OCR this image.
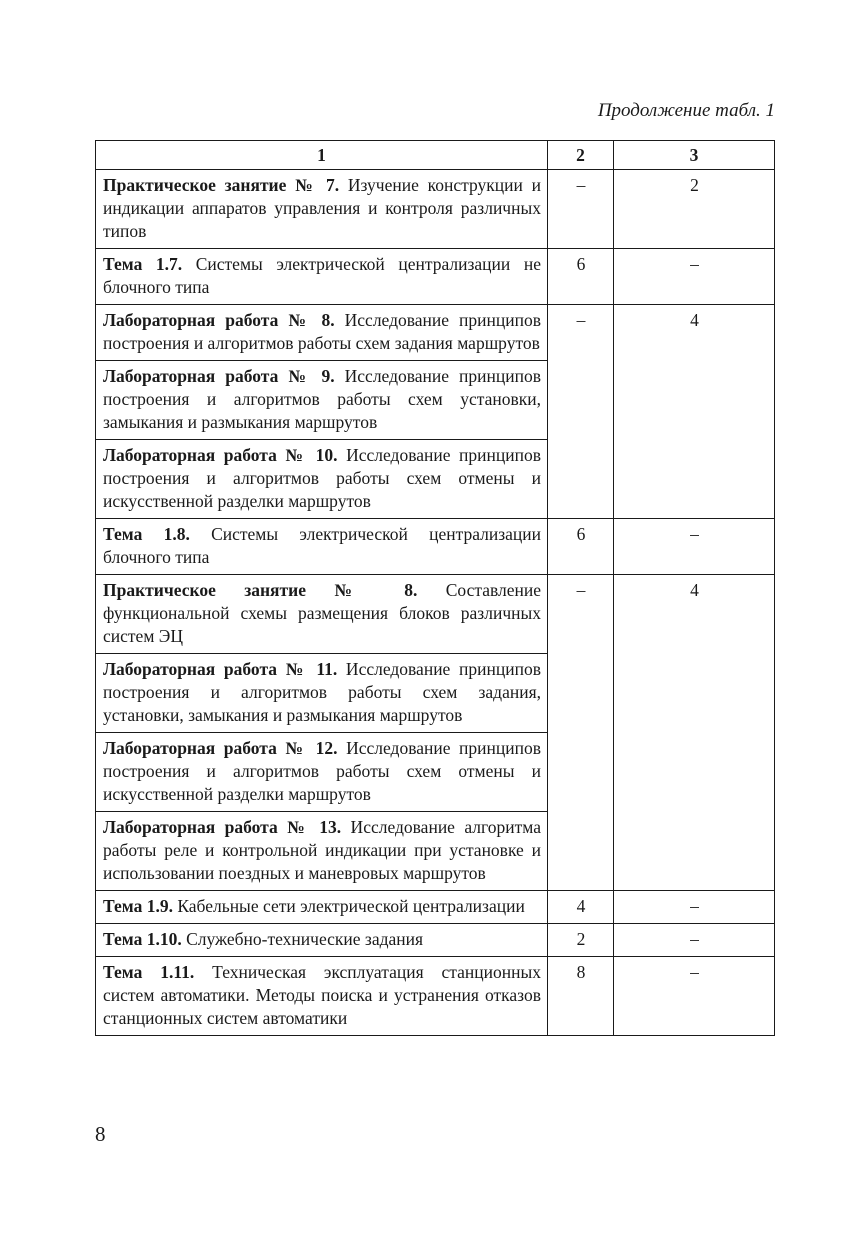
Продолжение табл. 1
1	2	3
Практическое занятие № 7. Изучение конструкции и индикации аппаратов управления и контроля различных типов	–	2
Тема 1.7. Системы электрической централизации не блочного типа	6	–
Лабораторная работа № 8. Исследование принципов построения и алгоритмов работы схем задания маршрутов	–	4
Лабораторная работа № 9. Исследование принципов построения и алгоритмов работы схем установки, замыкания и размыкания маршрутов		
Лабораторная работа № 10. Исследование принципов построения и алгоритмов работы схем отмены и искусственной разделки маршрутов		
Тема 1.8. Системы электрической централизации блочного типа	6	–
Практическое занятие № 8. Составление функциональной схемы размещения блоков различных систем ЭЦ	–	4
Лабораторная работа № 11. Исследование принципов построения и алгоритмов работы схем задания, установки, замыкания и размыкания маршрутов		
Лабораторная работа № 12. Исследование принципов построения и алгоритмов работы схем отмены и искусственной разделки маршрутов		
Лабораторная работа № 13. Исследование алгоритма работы реле и контрольной индикации при установке и использовании поездных и маневровых маршрутов		
Тема 1.9. Кабельные сети электрической централизации	4	–
Тема 1.10. Служебно-технические задания	2	–
Тема 1.11. Техническая эксплуатация станционных систем автоматики. Методы поиска и устранения отказов станционных систем автоматики	8	–
8
